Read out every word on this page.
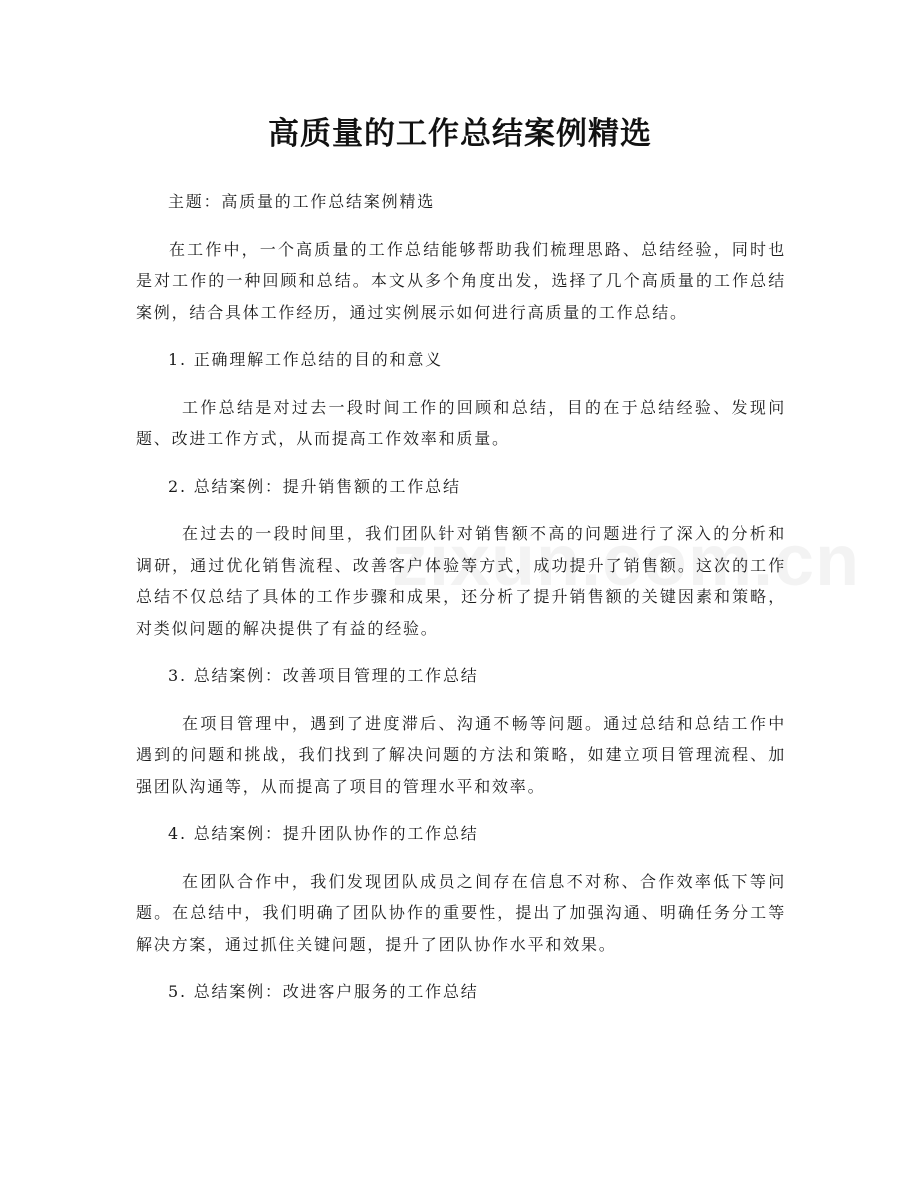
高质量的工作总结案例精选

主题：高质量的工作总结案例精选

在工作中，一个高质量的工作总结能够帮助我们梳理思路、总结经验，同时也是对工作的一种回顾和总结。本文从多个角度出发，选择了几个高质量的工作总结案例，结合具体工作经历，通过实例展示如何进行高质量的工作总结。

1. 正确理解工作总结的目的和意义

工作总结是对过去一段时间工作的回顾和总结，目的在于总结经验、发现问题、改进工作方式，从而提高工作效率和质量。

2. 总结案例：提升销售额的工作总结

在过去的一段时间里，我们团队针对销售额不高的问题进行了深入的分析和调研，通过优化销售流程、改善客户体验等方式，成功提升了销售额。这次的工作总结不仅总结了具体的工作步骤和成果，还分析了提升销售额的关键因素和策略，对类似问题的解决提供了有益的经验。

3. 总结案例：改善项目管理的工作总结

在项目管理中，遇到了进度滞后、沟通不畅等问题。通过总结和总结工作中遇到的问题和挑战，我们找到了解决问题的方法和策略，如建立项目管理流程、加强团队沟通等，从而提高了项目的管理水平和效率。

4. 总结案例：提升团队协作的工作总结

在团队合作中，我们发现团队成员之间存在信息不对称、合作效率低下等问题。在总结中，我们明确了团队协作的重要性，提出了加强沟通、明确任务分工等解决方案，通过抓住关键问题，提升了团队协作水平和效果。

5. 总结案例：改进客户服务的工作总结
